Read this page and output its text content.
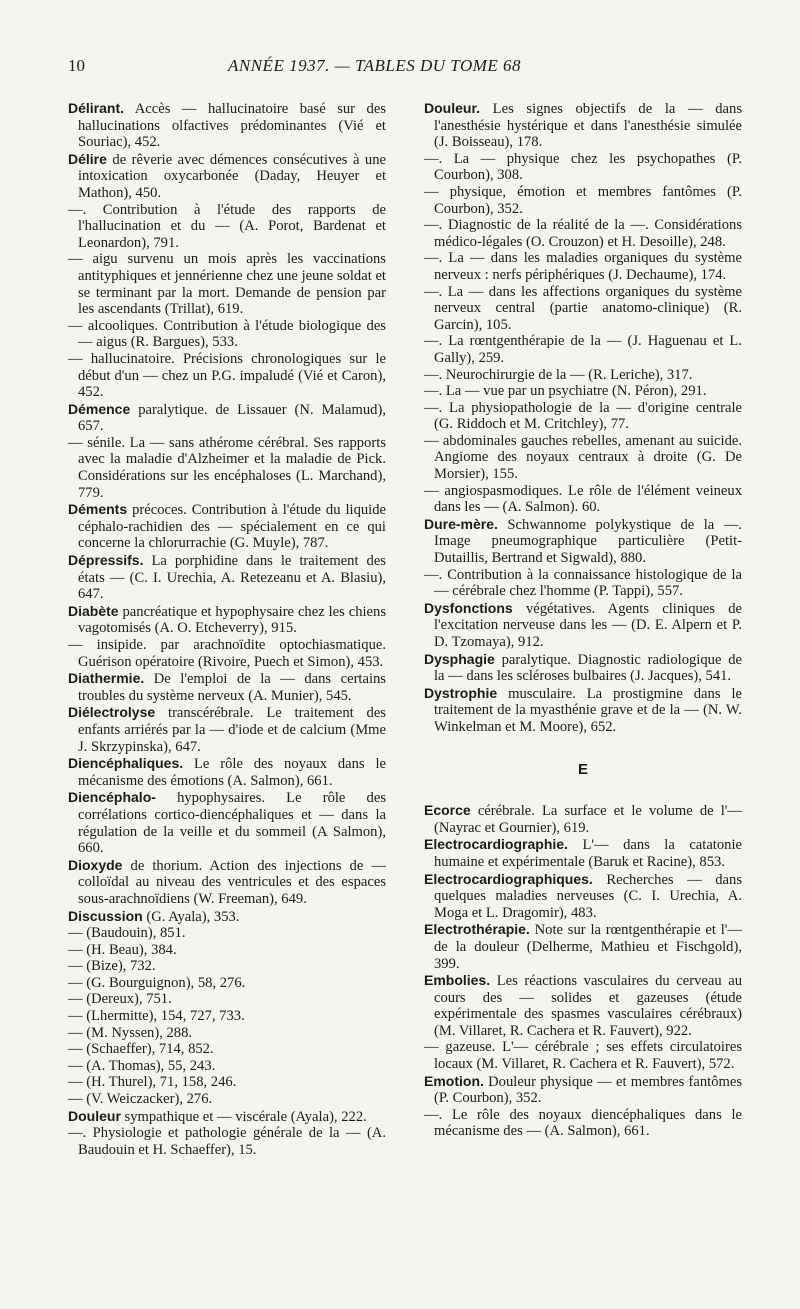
10	ANNÉE 1937. — TABLES DU TOME 68

Délirant. Accès — hallucinatoire basé sur des hallucinations olfactives prédominantes (Vié et Souriac), 452.

Délire de rêverie avec démences consécutives à une intoxication oxycarbonée (Daday, Heuyer et Mathon), 450.

—. Contribution à l'étude des rapports de l'hallucination et du — (A. Porot, Bardenat et Leonardon), 791.

— aigu survenu un mois après les vaccinations antityphiques et jennérienne chez une jeune soldat et se terminant par la mort. Demande de pension par les ascendants (Trillat), 619.

— alcooliques. Contribution à l'étude biologique des — aigus (R. Bargues), 533.

— hallucinatoire. Précisions chronologiques sur le début d'un — chez un P.G. impaludé (Vié et Caron), 452.

Démence paralytique. de Lissauer (N. Malamud), 657.

— sénile. La — sans athérome cérébral. Ses rapports avec la maladie d'Alzheimer et la maladie de Pick. Considérations sur les encéphaloses (L. Marchand), 779.

Déments précoces. Contribution à l'étude du liquide céphalo-rachidien des — spécialement en ce qui concerne la chlorurrachie (G. Muyle), 787.

Dépressifs. La porphidine dans le traitement des états — (C. I. Urechia, A. Retezeanu et A. Blasiu), 647.

Diabète pancréatique et hypophysaire chez les chiens vagotomisés (A. O. Etcheverry), 915.

— insipide. par arachnoïdite optochiasmatique. Guérison opératoire (Rivoire, Puech et Simon), 453.

Diathermie. De l'emploi de la — dans certains troubles du système nerveux (A. Munier), 545.

Diélectrolyse transcérébrale. Le traitement des enfants arriérés par la — d'iode et de calcium (Mme J. Skrzypinska), 647.

Diencéphaliques. Le rôle des noyaux dans le mécanisme des émotions (A. Salmon), 661.

Diencéphalo- hypophysaires. Le rôle des corrélations cortico-diencéphaliques et — dans la régulation de la veille et du sommeil (A Salmon), 660.

Dioxyde de thorium. Action des injections de — colloïdal au niveau des ventricules et des espaces sous-arachnoïdiens (W. Freeman), 649.

Discussion (G. Ayala), 353.

— (Baudouin), 851.

— (H. Beau), 384.

— (Bize), 732.

— (G. Bourguignon), 58, 276.

— (Dereux), 751.

— (Lhermitte), 154, 727, 733.

— (M. Nyssen), 288.

— (Schaeffer), 714, 852.

— (A. Thomas), 55, 243.

— (H. Thurel), 71, 158, 246.

— (V. Weiczacker), 276.

Douleur sympathique et — viscérale (Ayala), 222.

—. Physiologie et pathologie générale de la — (A. Baudouin et H. Schaeffer), 15.

Douleur. Les signes objectifs de la — dans l'anesthésie hystérique et dans l'anesthésie simulée (J. Boisseau), 178.

—. La — physique chez les psychopathes (P. Courbon), 308.

— physique, émotion et membres fantômes (P. Courbon), 352.

—. Diagnostic de la réalité de la —. Considérations médico-légales (O. Crouzon) et H. Desoille), 248.

—. La — dans les maladies organiques du système nerveux : nerfs périphériques (J. Dechaume), 174.

—. La — dans les affections organiques du système nerveux central (partie anatomo-clinique) (R. Garcin), 105.

—. La rœntgenthérapie de la — (J. Haguenau et L. Gally), 259.

—. Neurochirurgie de la — (R. Leriche), 317.

—. La — vue par un psychiatre (N. Péron), 291.

—. La physiopathologie de la — d'origine centrale (G. Riddoch et M. Critchley), 77.

— abdominales gauches rebelles, amenant au suicide. Angiome des noyaux centraux à droite (G. De Morsier), 155.

— angiospasmodiques. Le rôle de l'élément veineux dans les — (A. Salmon). 60.

Dure-mère. Schwannome polykystique de la —. Image pneumographique particulière (Petit-Dutaillis, Bertrand et Sigwald), 880.

—. Contribution à la connaissance histologique de la — cérébrale chez l'homme (P. Tappi), 557.

Dysfonctions végétatives. Agents cliniques de l'excitation nerveuse dans les — (D. E. Alpern et P. D. Tzomaya), 912.

Dysphagie paralytique. Diagnostic radiologique de la — dans les scléroses bulbaires (J. Jacques), 541.

Dystrophie musculaire. La prostigmine dans le traitement de la myasthénie grave et de la — (N. W. Winkelman et M. Moore), 652.

E

Ecorce cérébrale. La surface et le volume de l'— (Nayrac et Gournier), 619.

Electrocardiographie. L'— dans la catatonie humaine et expérimentale (Baruk et Racine), 853.

Electrocardiographiques. Recherches — dans quelques maladies nerveuses (C. I. Urechia, A. Moga et L. Dragomir), 483.

Electrothérapie. Note sur la rœntgenthérapie et l'— de la douleur (Delherme, Mathieu et Fischgold), 399.

Embolies. Les réactions vasculaires du cerveau au cours des — solides et gazeuses (étude expérimentale des spasmes vasculaires cérébraux) (M. Villaret, R. Cachera et R. Fauvert), 922.

— gazeuse. L'— cérébrale ; ses effets circulatoires locaux (M. Villaret, R. Cachera et R. Fauvert), 572.

Emotion. Douleur physique — et membres fantômes (P. Courbon), 352.

—. Le rôle des noyaux diencéphaliques dans le mécanisme des — (A. Salmon), 661.
